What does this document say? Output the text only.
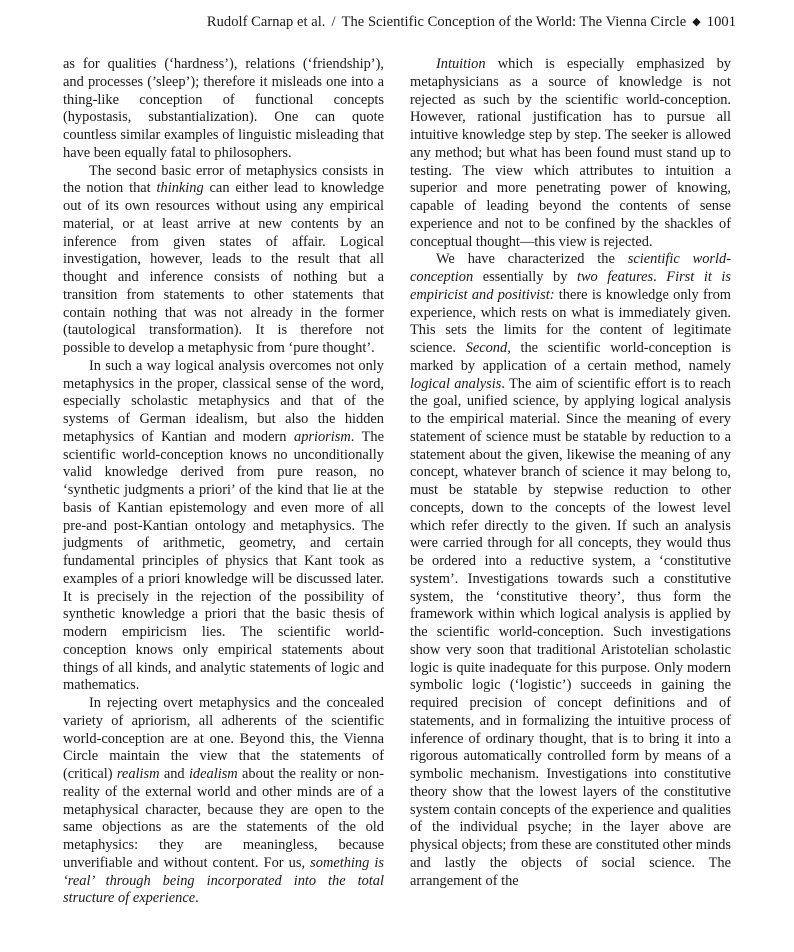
Rudolf Carnap et al. / The Scientific Conception of the World: The Vienna Circle ◆ 1001

as for qualities (‘hardness’), relations (‘friendship’), and processes (’sleep’); therefore it misleads one into a thing-like conception of functional concepts (hypostasis, substantialization). One can quote countless similar examples of linguistic misleading that have been equally fatal to philosophers.

The second basic error of metaphysics consists in the notion that thinking can either lead to knowledge out of its own resources without using any empirical material, or at least arrive at new contents by an inference from given states of affair. Logical investigation, however, leads to the result that all thought and inference consists of nothing but a transition from statements to other statements that contain nothing that was not already in the former (tautological transformation). It is therefore not possible to develop a metaphysic from ‘pure thought’.

In such a way logical analysis overcomes not only metaphysics in the proper, classical sense of the word, especially scholastic metaphysics and that of the systems of German idealism, but also the hidden metaphysics of Kantian and modern apriorism. The scientific world-conception knows no unconditionally valid knowledge derived from pure reason, no ‘synthetic judgments a priori’ of the kind that lie at the basis of Kantian epistemology and even more of all pre-and post-Kantian ontology and metaphysics. The judgments of arithmetic, geometry, and certain fundamental principles of physics that Kant took as examples of a priori knowledge will be discussed later. It is precisely in the rejection of the possibility of synthetic knowledge a priori that the basic thesis of modern empiricism lies. The scientific world-conception knows only empirical statements about things of all kinds, and analytic statements of logic and mathematics.

In rejecting overt metaphysics and the concealed variety of apriorism, all adherents of the scientific world-conception are at one. Beyond this, the Vienna Circle maintain the view that the statements of (critical) realism and idealism about the reality or non-reality of the external world and other minds are of a metaphysical character, because they are open to the same objections as are the statements of the old metaphysics: they are meaningless, because unverifiable and without content. For us, something is ‘real’ through being incorporated into the total structure of experience.

Intuition which is especially emphasized by metaphysicians as a source of knowledge is not rejected as such by the scientific world-conception. However, rational justification has to pursue all intuitive knowledge step by step. The seeker is allowed any method; but what has been found must stand up to testing. The view which attributes to intuition a superior and more penetrating power of knowing, capable of leading beyond the contents of sense experience and not to be confined by the shackles of conceptual thought—this view is rejected.

We have characterized the scientific world-conception essentially by two features. First it is empiricist and positivist: there is knowledge only from experience, which rests on what is immediately given. This sets the limits for the content of legitimate science. Second, the scientific world-conception is marked by application of a certain method, namely logical analysis. The aim of scientific effort is to reach the goal, unified science, by applying logical analysis to the empirical material. Since the meaning of every statement of science must be statable by reduction to a statement about the given, likewise the meaning of any concept, whatever branch of science it may belong to, must be statable by stepwise reduction to other concepts, down to the concepts of the lowest level which refer directly to the given. If such an analysis were carried through for all concepts, they would thus be ordered into a reductive system, a ‘constitutive system’. Investigations towards such a constitutive system, the ‘constitutive theory’, thus form the framework within which logical analysis is applied by the scientific world-conception. Such investigations show very soon that traditional Aristotelian scholastic logic is quite inadequate for this purpose. Only modern symbolic logic (‘logistic’) succeeds in gaining the required precision of concept definitions and of statements, and in formalizing the intuitive process of inference of ordinary thought, that is to bring it into a rigorous automatically controlled form by means of a symbolic mechanism. Investigations into constitutive theory show that the lowest layers of the constitutive system contain concepts of the experience and qualities of the individual psyche; in the layer above are physical objects; from these are constituted other minds and lastly the objects of social science. The arrangement of the
